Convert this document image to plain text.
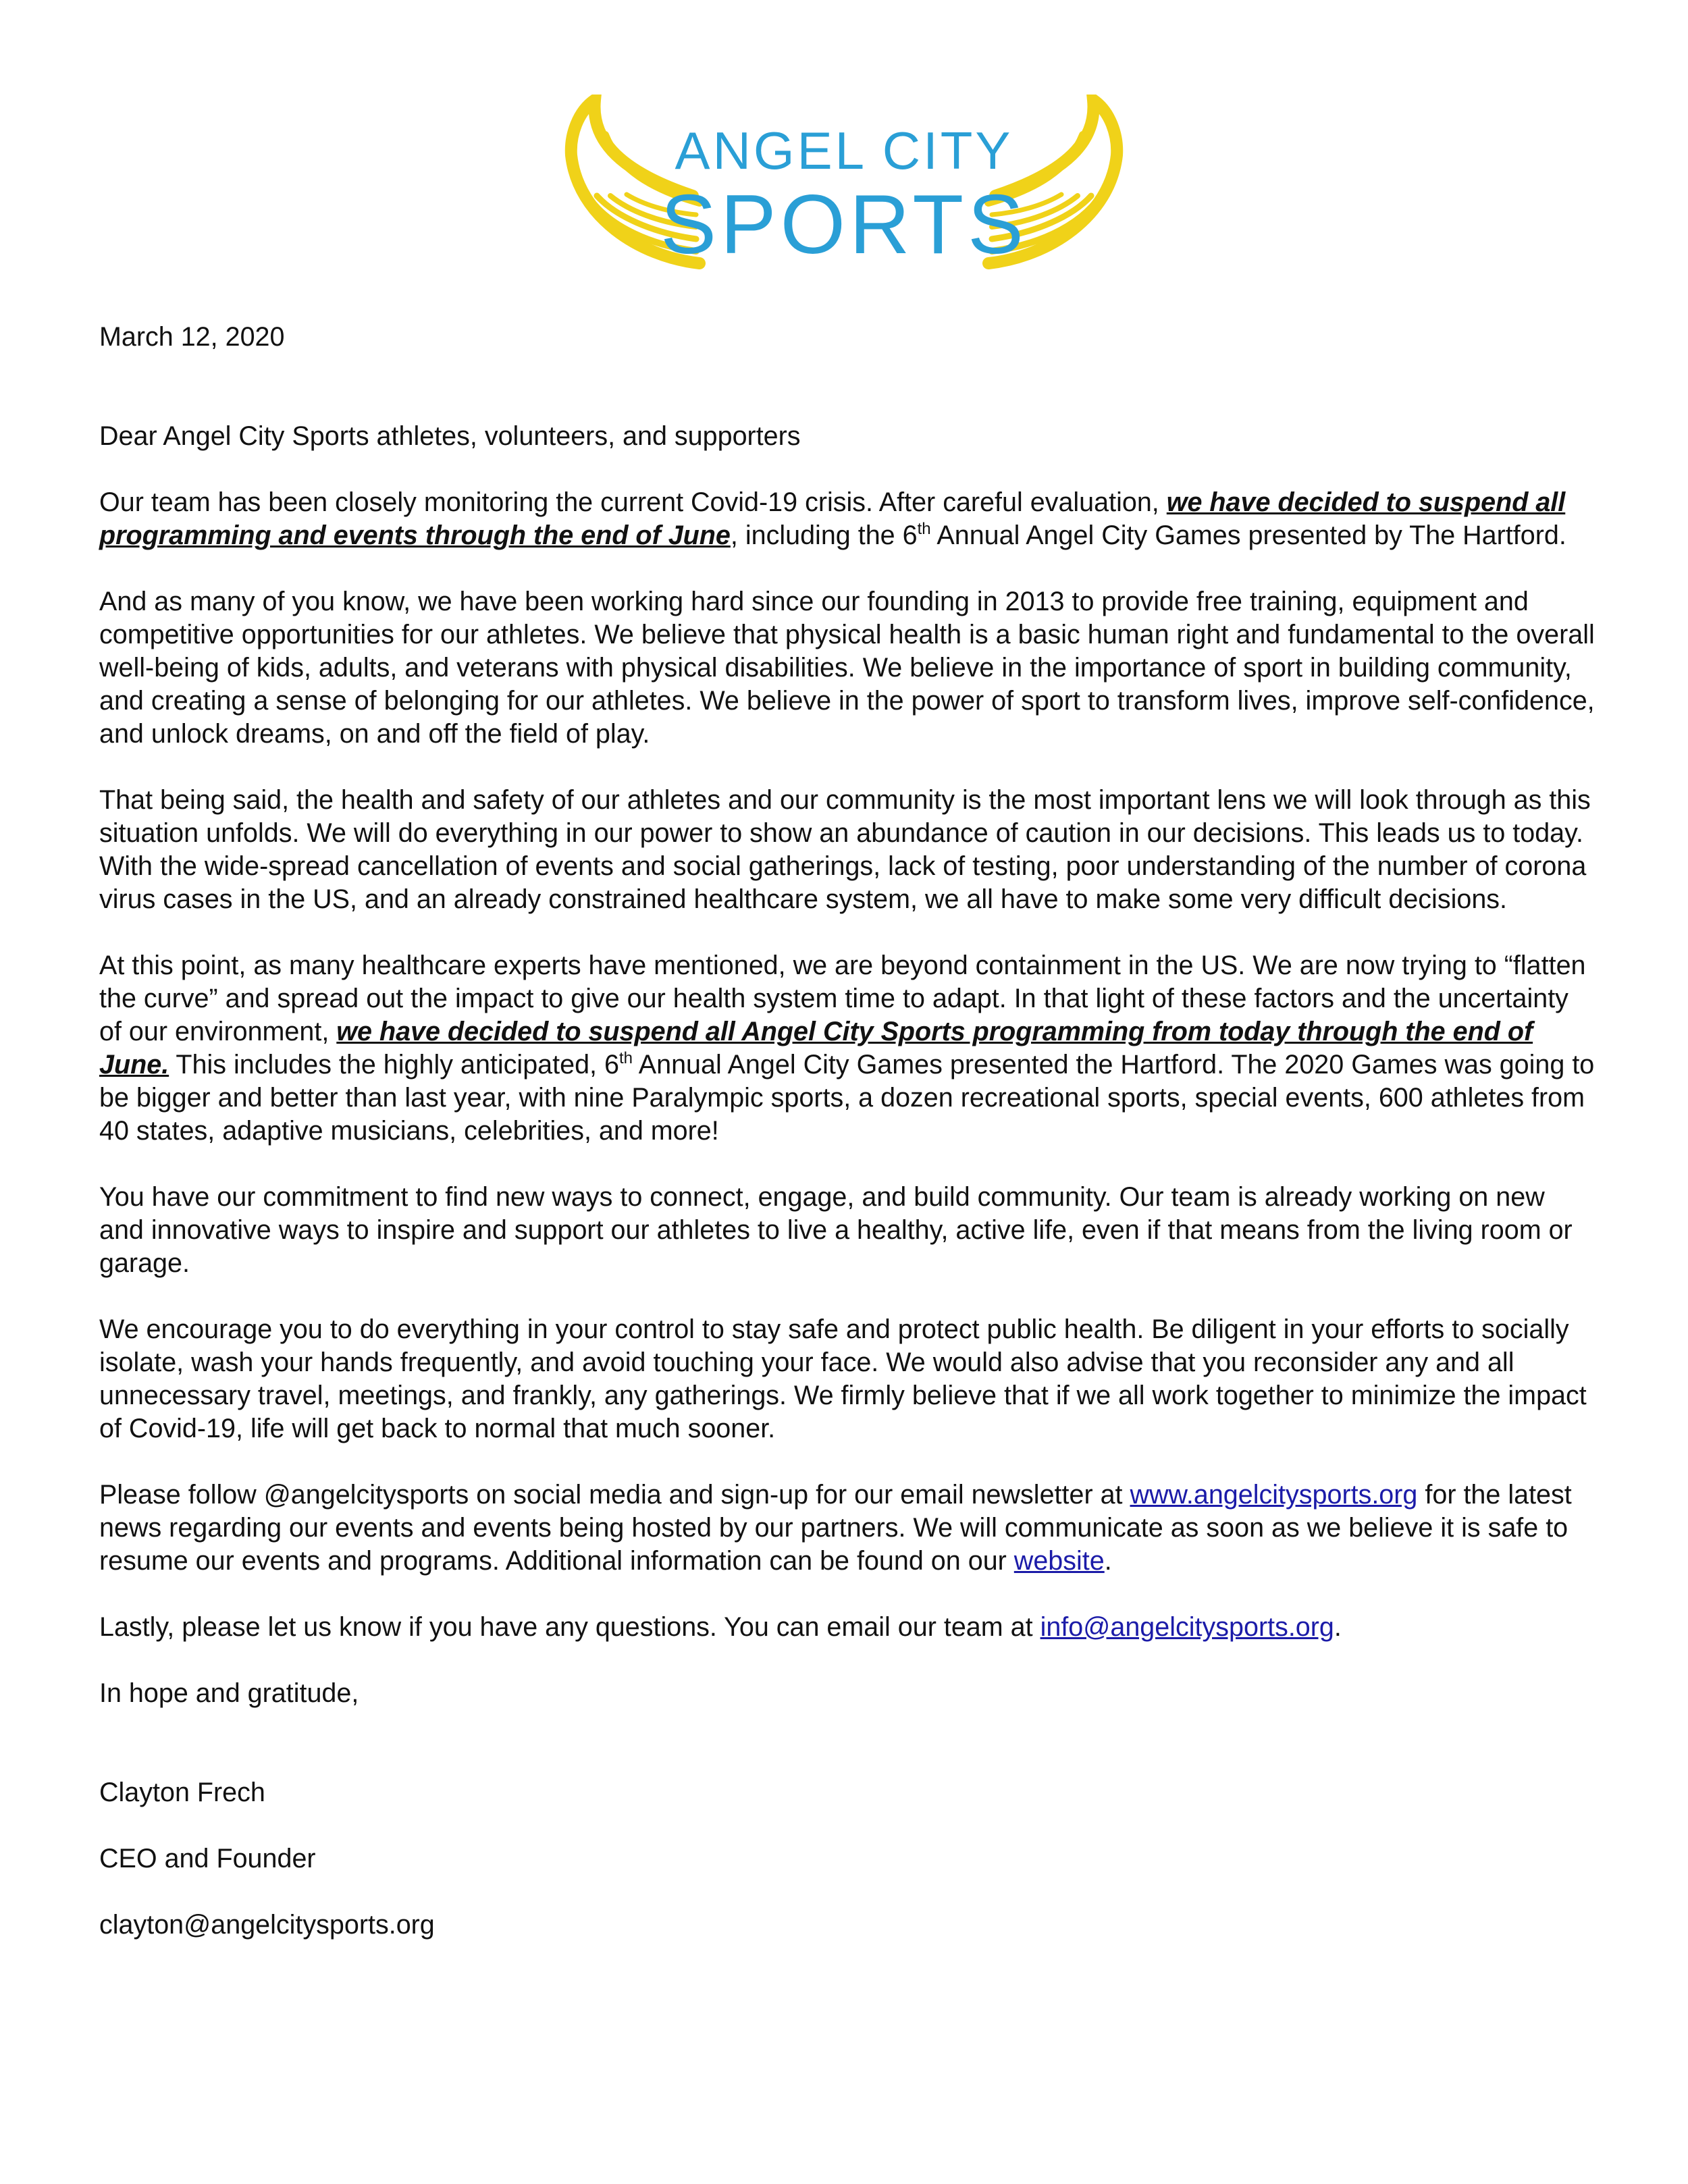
ANGEL CITY
SPORTS

March 12, 2020

Dear Angel City Sports athletes, volunteers, and supporters

Our team has been closely monitoring the current Covid-19 crisis. After careful evaluation, we have decided to suspend all programming and events through the end of June, including the 6th Annual Angel City Games presented by The Hartford.

And as many of you know, we have been working hard since our founding in 2013 to provide free training, equipment and competitive opportunities for our athletes. We believe that physical health is a basic human right and fundamental to the overall well-being of kids, adults, and veterans with physical disabilities. We believe in the importance of sport in building community, and creating a sense of belonging for our athletes. We believe in the power of sport to transform lives, improve self-confidence, and unlock dreams, on and off the field of play.

That being said, the health and safety of our athletes and our community is the most important lens we will look through as this situation unfolds. We will do everything in our power to show an abundance of caution in our decisions. This leads us to today. With the wide-spread cancellation of events and social gatherings, lack of testing, poor understanding of the number of corona virus cases in the US, and an already constrained healthcare system, we all have to make some very difficult decisions.

At this point, as many healthcare experts have mentioned, we are beyond containment in the US. We are now trying to “flatten the curve” and spread out the impact to give our health system time to adapt. In that light of these factors and the uncertainty of our environment, we have decided to suspend all Angel City Sports programming from today through the end of June. This includes the highly anticipated, 6th Annual Angel City Games presented the Hartford. The 2020 Games was going to be bigger and better than last year, with nine Paralympic sports, a dozen recreational sports, special events, 600 athletes from 40 states, adaptive musicians, celebrities, and more!

You have our commitment to find new ways to connect, engage, and build community. Our team is already working on new and innovative ways to inspire and support our athletes to live a healthy, active life, even if that means from the living room or garage.

We encourage you to do everything in your control to stay safe and protect public health. Be diligent in your efforts to socially isolate, wash your hands frequently, and avoid touching your face. We would also advise that you reconsider any and all unnecessary travel, meetings, and frankly, any gatherings. We firmly believe that if we all work together to minimize the impact of Covid-19, life will get back to normal that much sooner.

Please follow @angelcitysports on social media and sign-up for our email newsletter at www.angelcitysports.org for the latest news regarding our events and events being hosted by our partners. We will communicate as soon as we believe it is safe to resume our events and programs. Additional information can be found on our website.

Lastly, please let us know if you have any questions. You can email our team at info@angelcitysports.org.

In hope and gratitude,

Clayton Frech

CEO and Founder

clayton@angelcitysports.org
